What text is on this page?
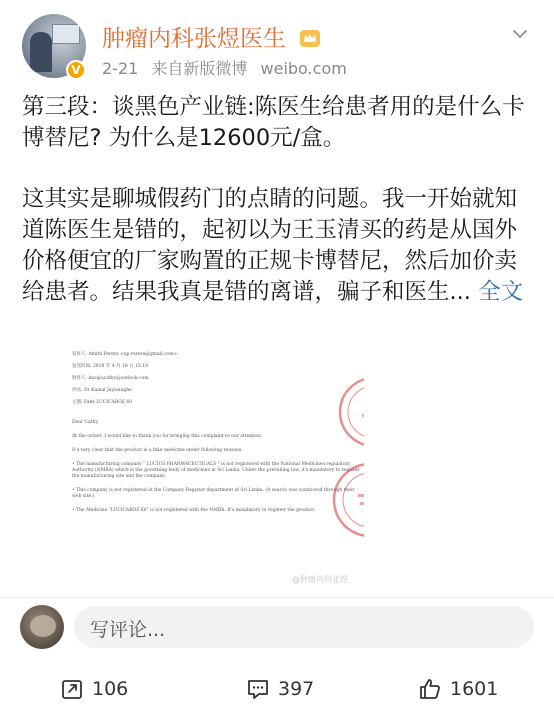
V
肿瘤内科张煜医生
2-21 来自新版微博 weibo.com

第三段：谈黑色产业链:陈医生给患者用的是什么卡博替尼? 为什么是12600元/盒。

这其实是聊城假药门的点睛的问题。我一开始就知道陈医生是错的，起初以为王玉清买的药是从国外价格便宜的厂家购置的正规卡博替尼，然后加价卖给患者。结果我真是错的离谱，骗子和医生... 全文

发件人: Amith Perera <ap.rerera@gmail.com>
发送时间: 2019 年 4 月 18 日 15:18
收件人: kao@acathy@outlook.com
抄送: Dr Kamal Jayasinghe
主题: Fake LUCICABOZ 60
Dear Cathy,
At the outset, I would like to thank you for bringing this complaint to our attention.
It's very clear that the product is a fake medicine under following reasons.
• The manufacturing company " LUCIUS PHARMACEUTICALS " is not registered with the National Medicines regulatory Authority (NMRA) which is the governing body of medicines in Sri Lanka. Under the prevailing law, it's mandatory to register the manufacturing site and the company.
• This company is not registered at the Company Register department of Sri Lanka. (A search was conducted through their web site.)
• The Medicine "LUCICABOZ 60" is not registered with the NMRA. It's mandatory to register the product.
@肿瘤内科张煜
写评论...
106	397	1601
